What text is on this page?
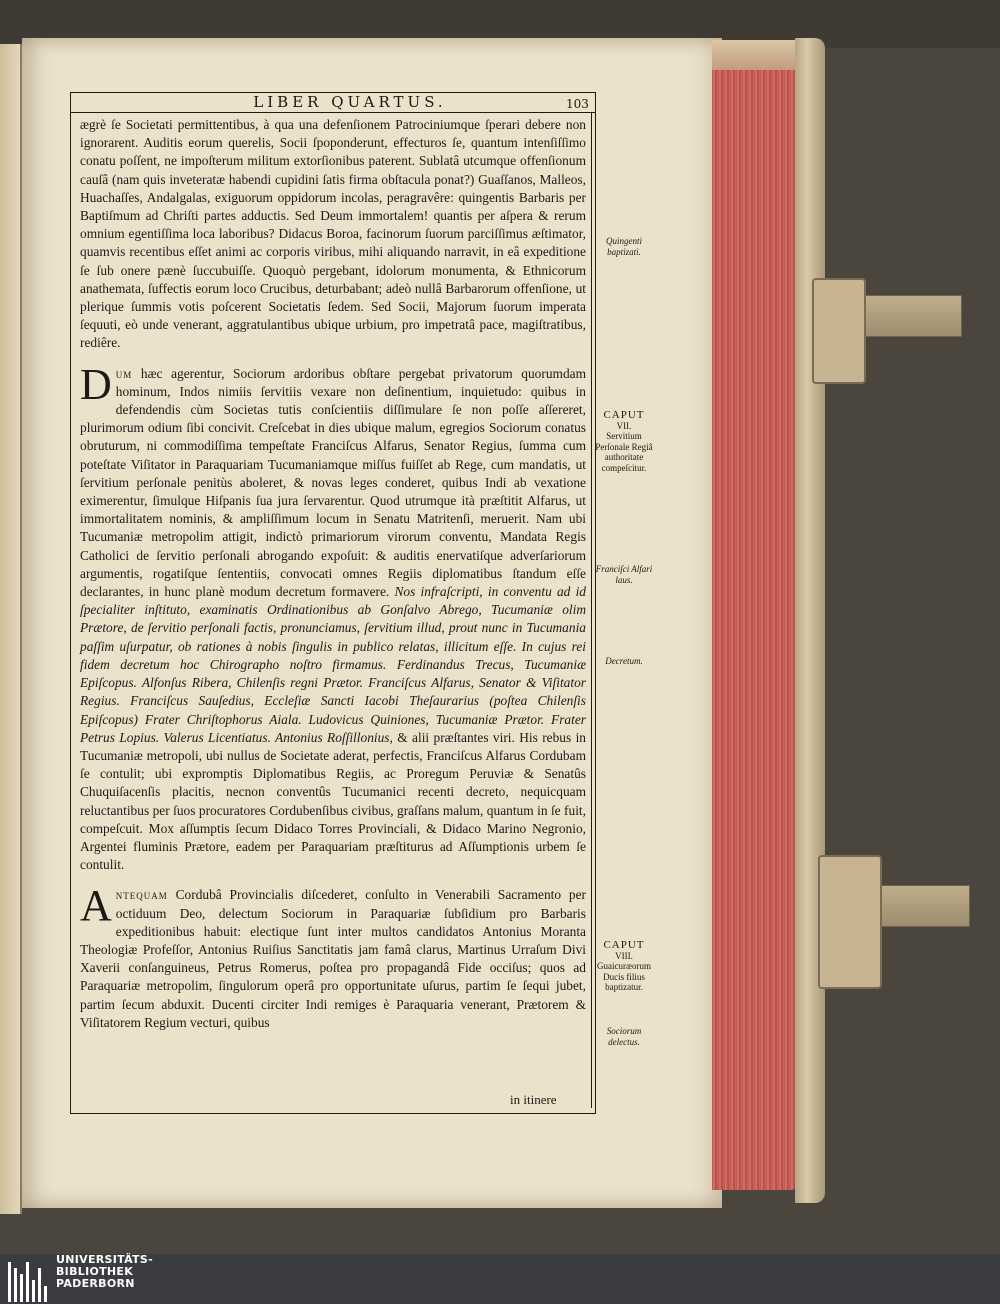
LIBER QUARTUS.	103

ægrè ſe Societati permittentibus, à qua una defenſionem Patrociniumque ſperari debere non ignorarent. Auditis eorum querelis, Socii ſpoponderunt, effecturos ſe, quantum intenſiſſimo conatu poſſent, ne impoſterum militum extorſionibus paterent. Sublatâ utcumque offenſionum cauſâ (nam quis inveteratæ habendi cupidini ſatis firma obſtacula ponat?) Guaſſanos, Malleos, Huachaſſes, Andalgalas, exiguorum oppidorum incolas, peragravêre: quingentis Barbaris per Baptiſmum ad Chriſti partes adductis. Sed Deum immortalem! quantis per aſpera & rerum omnium egentiſſima loca laboribus? Didacus Boroa, facinorum ſuorum parciſſimus æſtimator, quamvis recentibus eſſet animi ac corporis viribus, mihi aliquando narravit, in eâ expeditione ſe ſub onere pænè ſuccubuiſſe. Quoquò pergebant, idolorum monumenta, & Ethnicorum anathemata, ſuffectis eorum loco Crucibus, deturbabant; adeò nullâ Barbarorum offenſione, ut plerique ſummis votis poſcerent Societatis ſedem. Sed Socii, Majorum ſuorum imperata ſequuti, eò unde venerant, aggratulantibus ubique urbium, pro impetratâ pace, magiſtratibus, rediêre.

Dum hæc agerentur, Sociorum ardoribus obſtare pergebat privatorum quorumdam hominum, Indos nimiis ſervitiis vexare non deſinentium, inquietudo: quibus in defendendis cùm Societas tutis conſcientiis diſſimulare ſe non poſſe aſſereret, plurimorum odium ſibi concivit. Creſcebat in dies ubique malum, egregios Sociorum conatus obruturum, ni commodiſſima tempeſtate Franciſcus Alfarus, Senator Regius, ſumma cum poteſtate Viſitator in Paraquariam Tucumaniamque miſſus fuiſſet ab Rege, cum mandatis, ut ſervitium perſonale penitùs aboleret, & novas leges conderet, quibus Indi ab vexatione eximerentur, ſimulque Hiſpanis ſua jura ſervarentur. Quod utrumque ità præſtitit Alfarus, ut immortalitatem nominis, & ampliſſimum locum in Senatu Matritenſi, meruerit. Nam ubi Tucumaniæ metropolim attigit, indictò primariorum virorum conventu, Mandata Regis Catholici de ſervitio perſonali abrogando expoſuit: & auditis enervatiſque adverſariorum argumentis, rogatiſque ſententiis, convocati omnes Regiis diplomatibus ſtandum eſſe declarantes, in hunc planè modum decretum formavere. Nos infraſcripti, in conventu ad id ſpecialiter inſtituto, examinatis Ordinationibus ab Gonſalvo Abrego, Tucumaniæ olim Prætore, de ſervitio perſonali factis, pronunciamus, ſervitium illud, prout nunc in Tucumania paſſim uſurpatur, ob rationes à nobis ſingulis in publico relatas, illicitum eſſe. In cujus rei fidem decretum hoc Chirographo noſtro firmamus. Ferdinandus Trecus, Tucumaniæ Epiſcopus. Alfonſus Ribera, Chilenſis regni Prætor. Franciſcus Alfarus, Senator & Viſitator Regius. Franciſcus Sauſedius, Eccleſiæ Sancti Iacobi Theſaurarius (poſtea Chilenſis Epiſcopus) Frater Chriſtophorus Aiala. Ludovicus Quiniones, Tucumaniæ Prætor. Frater Petrus Lopius. Valerus Licentiatus. Antonius Roſſillonius, & alii præſtantes viri. His rebus in Tucumaniæ metropoli, ubi nullus de Societate aderat, perfectis, Franciſcus Alfarus Cordubam ſe contulit; ubi expromptis Diplomatibus Regiis, ac Proregum Peruviæ & Senatûs Chuquiſacenſis placitis, necnon conventûs Tucumanici recenti decreto, nequicquam reluctantibus per ſuos procuratores Cordubenſibus civibus, graſſans malum, quantum in ſe fuit, compeſcuit. Mox aſſumptis ſecum Didaco Torres Provinciali, & Didaco Marino Negronio, Argentei fluminis Prætore, eadem per Paraquariam præſtiturus ad Aſſumptionis urbem ſe contulit.

Antequam Cordubâ Provincialis diſcederet, conſulto in Venerabili Sacramento per octiduum Deo, delectum Sociorum in Paraquariæ ſubſidium pro Barbaris expeditionibus habuit: electique ſunt inter multos candidatos Antonius Moranta Theologiæ Profeſſor, Antonius Ruiſius Sanctitatis jam famâ clarus, Martinus Urraſum Divi Xaverii conſanguineus, Petrus Romerus, poſtea pro propagandâ Fide occiſus; quos ad Paraquariæ metropolim, ſingulorum operâ pro opportunitate uſurus, partim ſe ſequi jubet, partim ſecum abduxit. Ducenti circiter Indi remiges è Paraquaria venerant, Prætorem & Viſitatorem Regium vecturi, quibus

Quingenti baptizati.
CAPUT
VII.
Servitium Perſonale Regiâ authoritate compeſcitur.
Franciſci Alfari laus.
Decretum.
CAPUT
VIII.
Guaicuræorum Ducis filius baptizatur.
Sociorum delectus.
in itinere
UNIVERSITÄTS-
BIBLIOTHEK
PADERBORN
